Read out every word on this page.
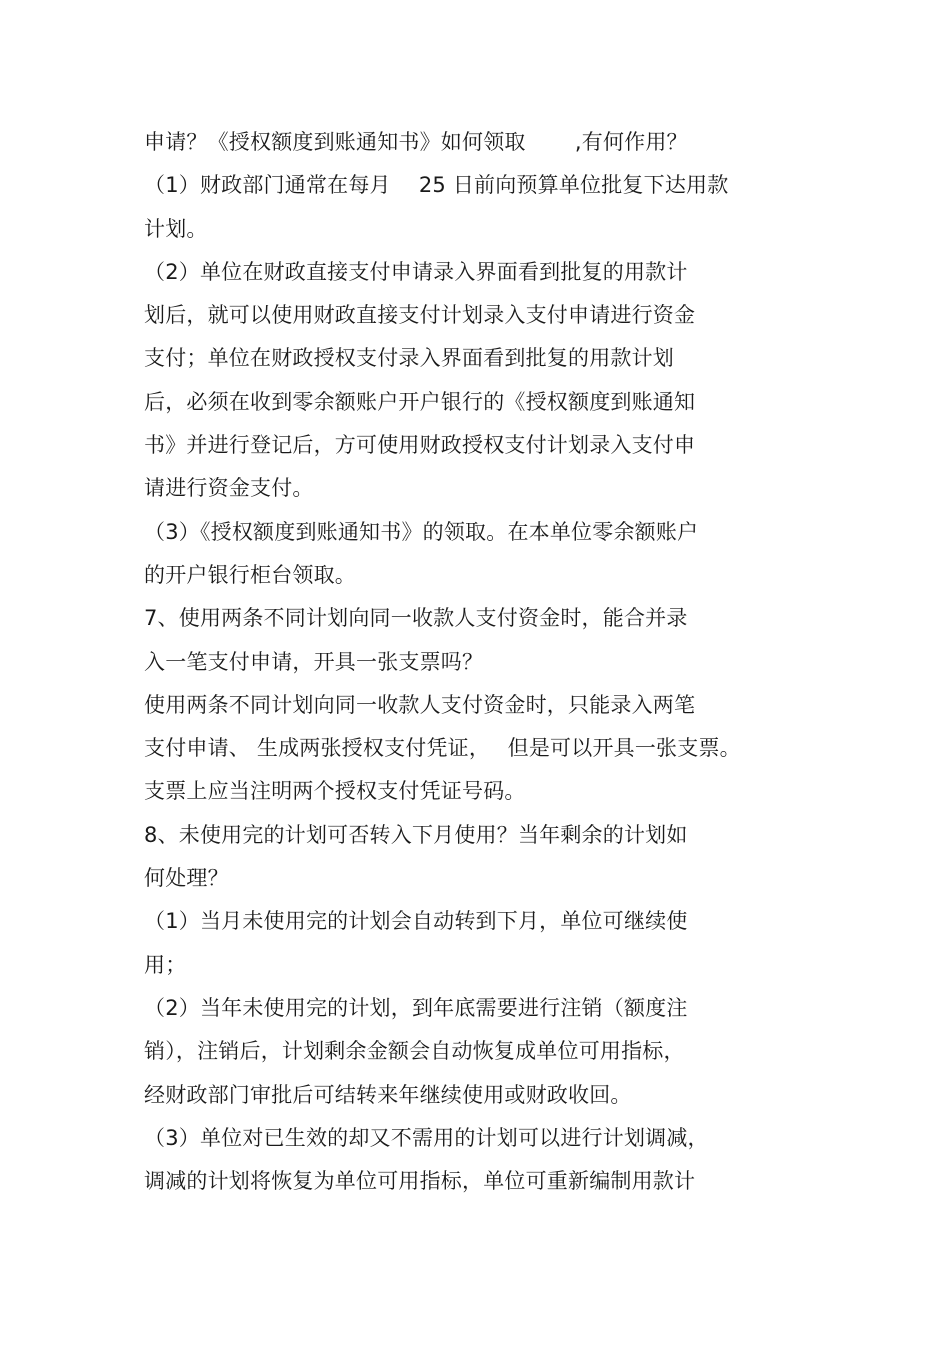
申请？《授权额度到账通知书》如何领取　　 ,有何作用？
（1）财政部门通常在每月　 25 日前向预算单位批复下达用款
计划。
（2）单位在财政直接支付申请录入界面看到批复的用款计
划后，就可以使用财政直接支付计划录入支付申请进行资金
支付；单位在财政授权支付录入界面看到批复的用款计划
后，必须在收到零余额账户开户银行的《授权额度到账通知
书》并进行登记后，方可使用财政授权支付计划录入支付申
请进行资金支付。
（3）《授权额度到账通知书》的领取。在本单位零余额账户
的开户银行柜台领取。
7、使用两条不同计划向同一收款人支付资金时，能合并录
入一笔支付申请，开具一张支票吗？
使用两条不同计划向同一收款人支付资金时，只能录入两笔
支付申请、 生成两张授权支付凭证，　 但是可以开具一张支票。
支票上应当注明两个授权支付凭证号码。
8、未使用完的计划可否转入下月使用？当年剩余的计划如
何处理？
（1）当月未使用完的计划会自动转到下月，单位可继续使
用；
（2）当年未使用完的计划，到年底需要进行注销（额度注
销），注销后，计划剩余金额会自动恢复成单位可用指标，
经财政部门审批后可结转来年继续使用或财政收回。
（3）单位对已生效的却又不需用的计划可以进行计划调减，
调减的计划将恢复为单位可用指标，单位可重新编制用款计
